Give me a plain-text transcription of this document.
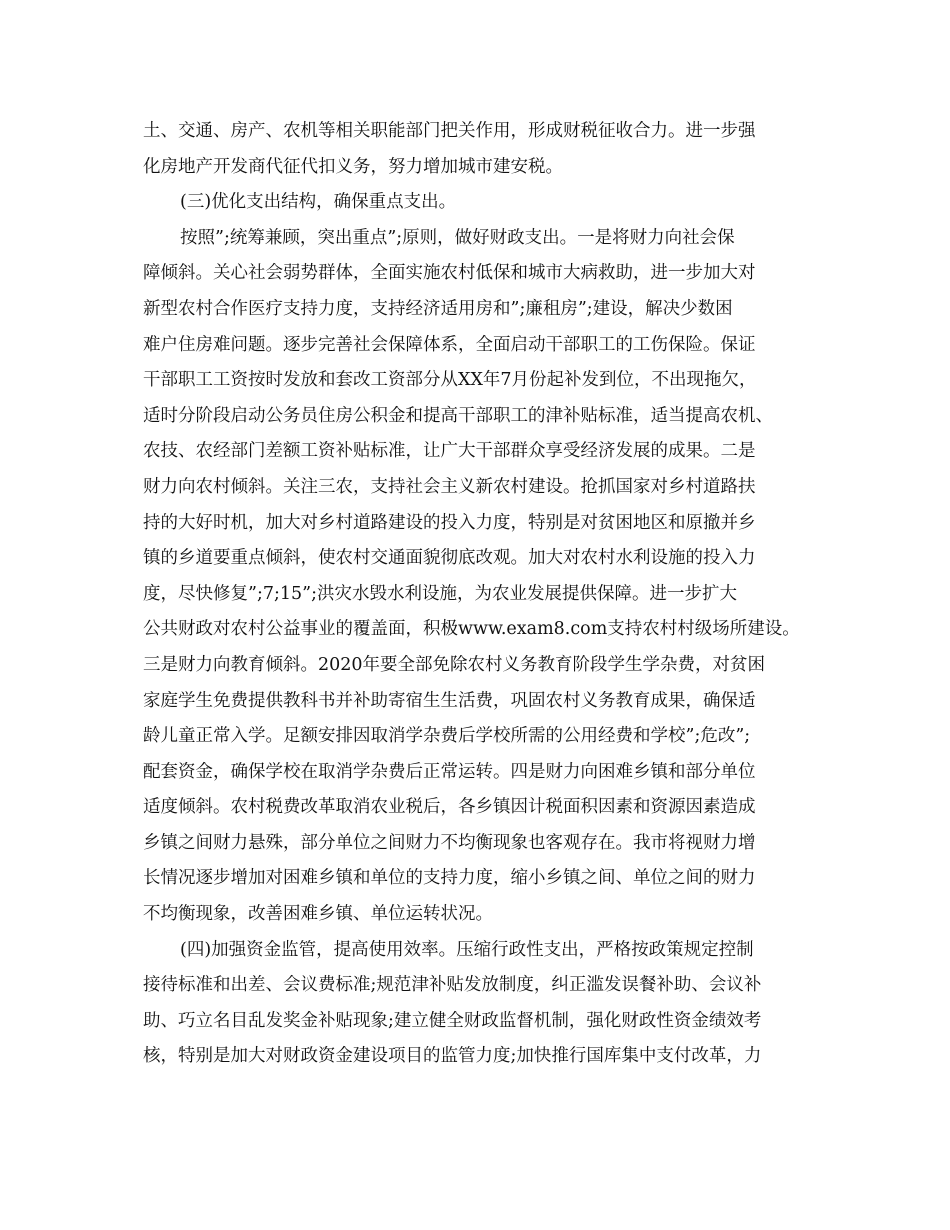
土、交通、房产、农机等相关职能部门把关作用，形成财税征收合力。进一步强
化房地产开发商代征代扣义务，努力增加城市建安税。
(三)优化支出结构，确保重点支出。
按照”;统筹兼顾，突出重点”;原则，做好财政支出。一是将财力向社会保
障倾斜。关心社会弱势群体，全面实施农村低保和城市大病救助，进一步加大对
新型农村合作医疗支持力度，支持经济适用房和”;廉租房”;建设，解决少数困
难户住房难问题。逐步完善社会保障体系，全面启动干部职工的工伤保险。保证
干部职工工资按时发放和套改工资部分从XX年7月份起补发到位，不出现拖欠，
适时分阶段启动公务员住房公积金和提高干部职工的津补贴标准，适当提高农机、
农技、农经部门差额工资补贴标准，让广大干部群众享受经济发展的成果。二是
财力向农村倾斜。关注三农，支持社会主义新农村建设。抢抓国家对乡村道路扶
持的大好时机，加大对乡村道路建设的投入力度，特别是对贫困地区和原撤并乡
镇的乡道要重点倾斜，使农村交通面貌彻底改观。加大对农村水利设施的投入力
度，尽快修复”;7;15”;洪灾水毁水利设施，为农业发展提供保障。进一步扩大
公共财政对农村公益事业的覆盖面，积极www.exam8.com支持农村村级场所建设。
三是财力向教育倾斜。2020年要全部免除农村义务教育阶段学生学杂费，对贫困
家庭学生免费提供教科书并补助寄宿生生活费，巩固农村义务教育成果，确保适
龄儿童正常入学。足额安排因取消学杂费后学校所需的公用经费和学校”;危改”;
配套资金，确保学校在取消学杂费后正常运转。四是财力向困难乡镇和部分单位
适度倾斜。农村税费改革取消农业税后，各乡镇因计税面积因素和资源因素造成
乡镇之间财力悬殊，部分单位之间财力不均衡现象也客观存在。我市将视财力增
长情况逐步增加对困难乡镇和单位的支持力度，缩小乡镇之间、单位之间的财力
不均衡现象，改善困难乡镇、单位运转状况。
(四)加强资金监管，提高使用效率。压缩行政性支出，严格按政策规定控制
接待标准和出差、会议费标准;规范津补贴发放制度，纠正滥发误餐补助、会议补
助、巧立名目乱发奖金补贴现象;建立健全财政监督机制，强化财政性资金绩效考
核，特别是加大对财政资金建设项目的监管力度;加快推行国库集中支付改革，力
